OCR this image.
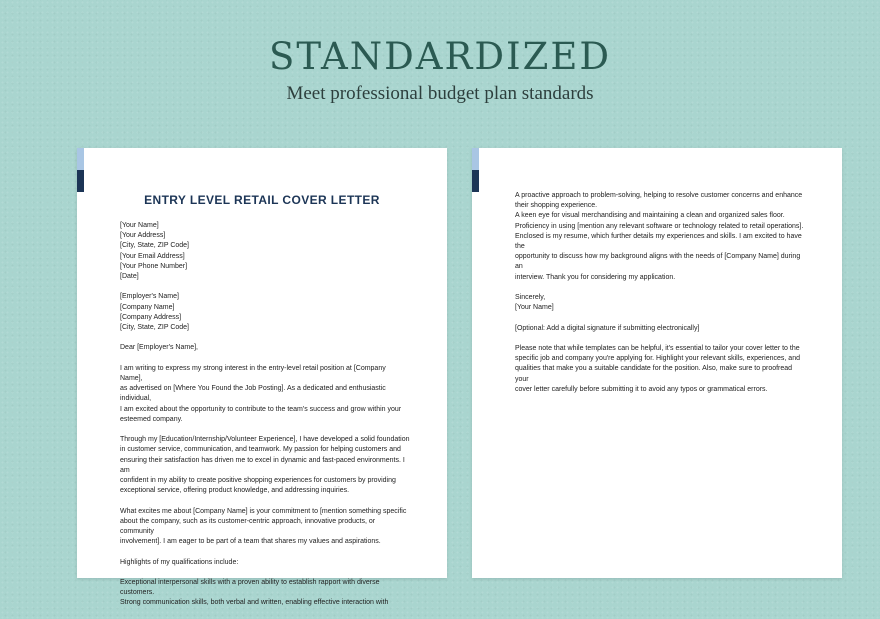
STANDARDIZED
Meet professional budget plan standards
ENTRY LEVEL RETAIL COVER LETTER

[Your Name]

[Your Address]

[City, State, ZIP Code]

[Your Email Address]

[Your Phone Number]

[Date]

[Employer's Name]

[Company Name]

[Company Address]

[City, State, ZIP Code]

Dear [Employer's Name],

I am writing to express my strong interest in the entry-level retail position at [Company Name],

as advertised on [Where You Found the Job Posting]. As a dedicated and enthusiastic individual,

I am excited about the opportunity to contribute to the team's success and grow within your

esteemed company.

Through my [Education/Internship/Volunteer Experience], I have developed a solid foundation

in customer service, communication, and teamwork. My passion for helping customers and

ensuring their satisfaction has driven me to excel in dynamic and fast-paced environments. I am

confident in my ability to create positive shopping experiences for customers by providing

exceptional service, offering product knowledge, and addressing inquiries.

What excites me about [Company Name] is your commitment to [mention something specific

about the company, such as its customer-centric approach, innovative products, or community

involvement]. I am eager to be part of a team that shares my values and aspirations.

Highlights of my qualifications include:

Exceptional interpersonal skills with a proven ability to establish rapport with diverse

customers.

Strong communication skills, both verbal and written, enabling effective interaction with

A proactive approach to problem-solving, helping to resolve customer concerns and enhance

their shopping experience.

A keen eye for visual merchandising and maintaining a clean and organized sales floor.

Proficiency in using [mention any relevant software or technology related to retail operations].

Enclosed is my resume, which further details my experiences and skills. I am excited to have the

opportunity to discuss how my background aligns with the needs of [Company Name] during an

interview. Thank you for considering my application.

Sincerely,

[Your Name]

[Optional: Add a digital signature if submitting electronically]

Please note that while templates can be helpful, it's essential to tailor your cover letter to the

specific job and company you're applying for. Highlight your relevant skills, experiences, and

qualities that make you a suitable candidate for the position. Also, make sure to proofread your

cover letter carefully before submitting it to avoid any typos or grammatical errors.
